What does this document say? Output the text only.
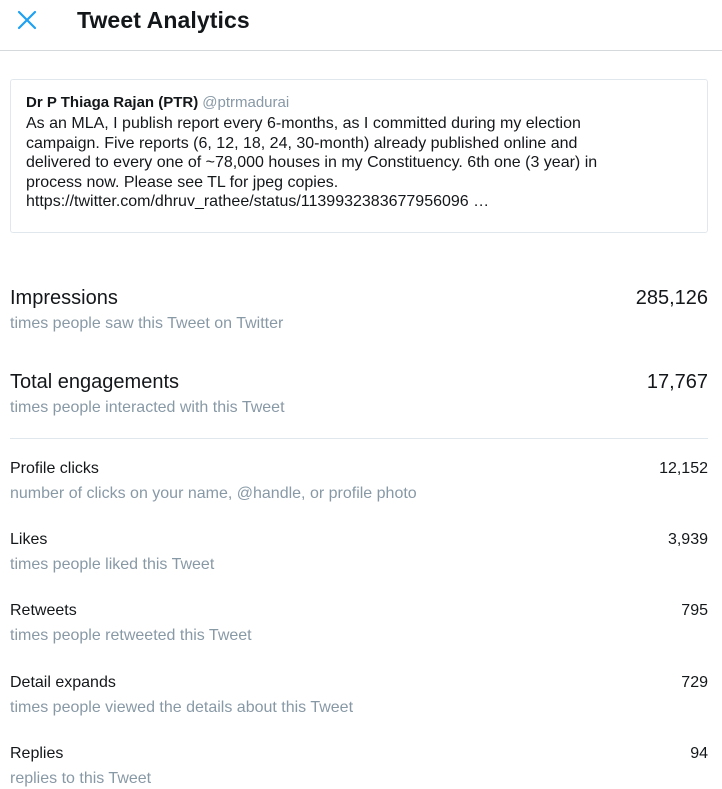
Tweet Analytics
Dr P Thiaga Rajan (PTR) @ptrmadurai
As an MLA, I publish report every 6-months, as I committed during my election
campaign. Five reports (6, 12, 18, 24, 30-month) already published online and
delivered to every one of ~78,000 houses in my Constituency. 6th one (3 year) in
process now. Please see TL for jpeg copies.
https://twitter.com/dhruv_rathee/status/1139932383677956096 …
Impressions	285,126
times people saw this Tweet on Twitter
Total engagements	17,767
times people interacted with this Tweet
Profile clicks	12,152
number of clicks on your name, @handle, or profile photo
Likes	3,939
times people liked this Tweet
Retweets	795
times people retweeted this Tweet
Detail expands	729
times people viewed the details about this Tweet
Replies	94
replies to this Tweet
